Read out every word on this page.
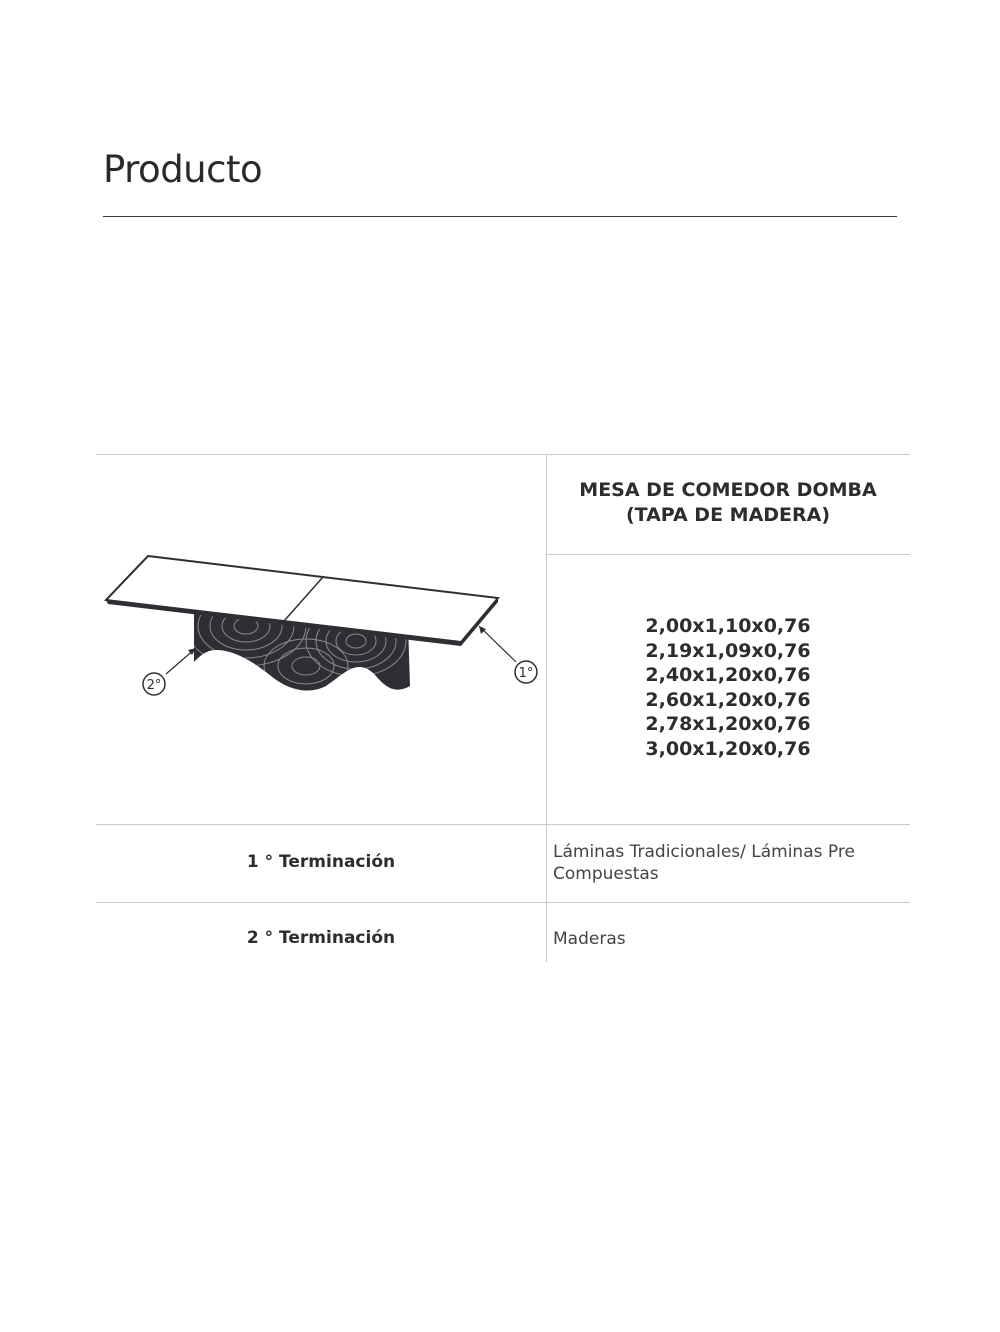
Producto
MESA DE COMEDOR DOMBA
(TAPA DE MADERA)
2,00x1,10x0,76
2,19x1,09x0,76
2,40x1,20x0,76
2,60x1,20x0,76
2,78x1,20x0,76
3,00x1,20x0,76
2°
1°
1 ° Terminación	Láminas Tradicionales/ Láminas Pre Compuestas
2 ° Terminación	Maderas
